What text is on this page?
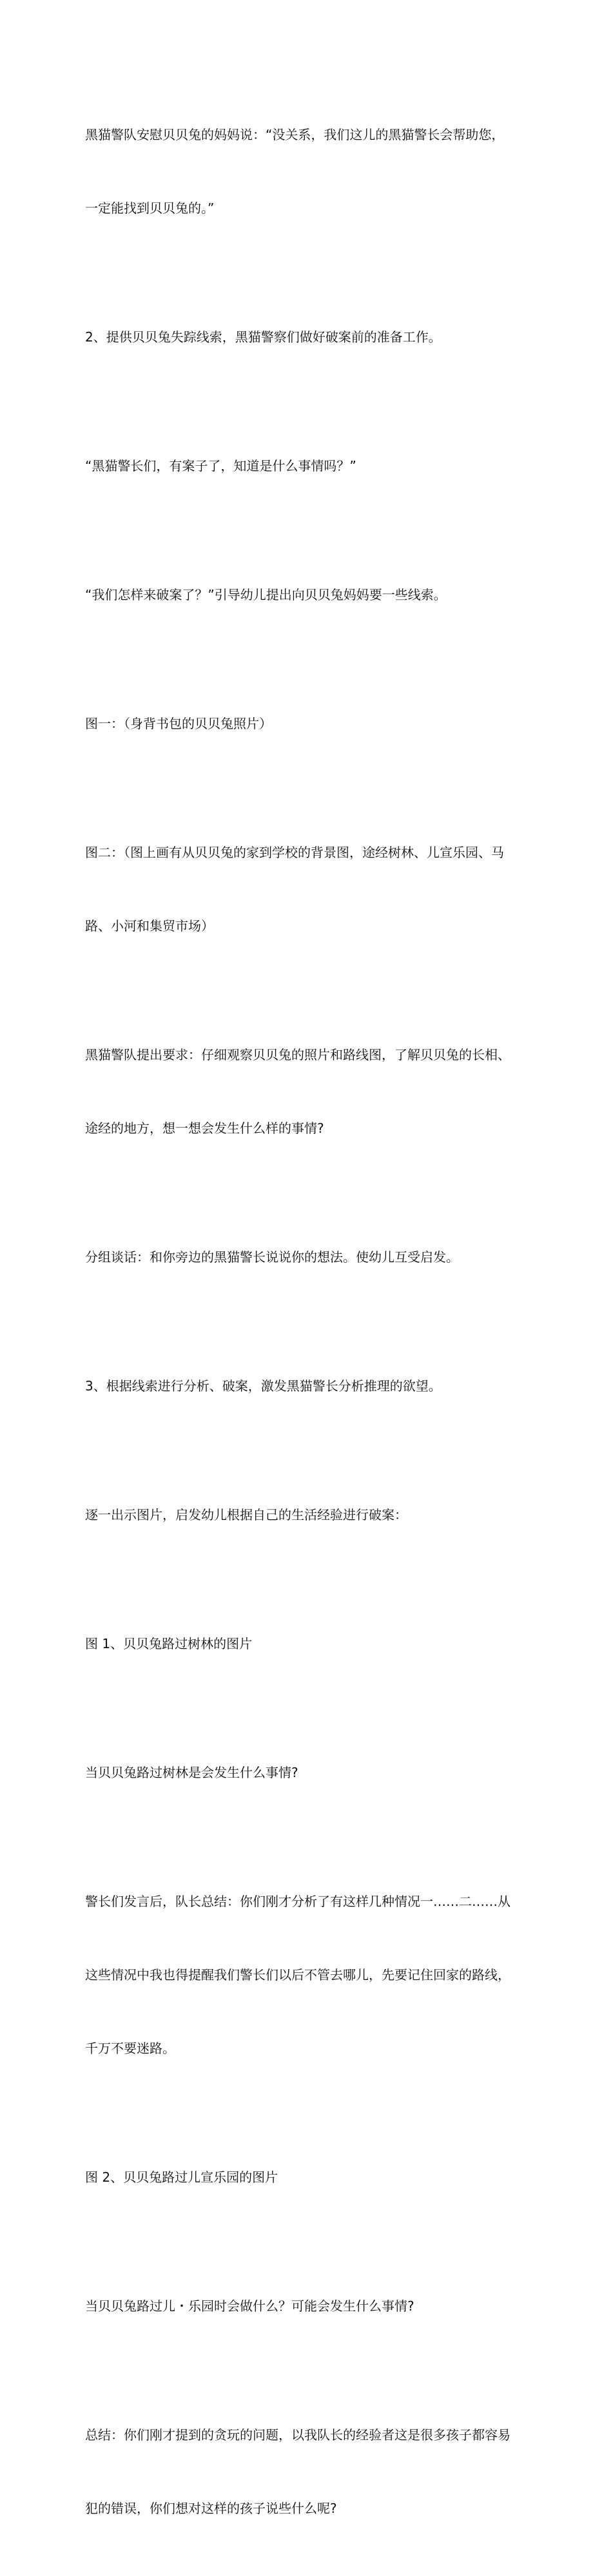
黑猫警队安慰贝贝兔的妈妈说：“没关系，我们这儿的黑猫警长会帮助您，

一定能找到贝贝兔的。”

2、提供贝贝兔失踪线索，黑猫警察们做好破案前的准备工作。

“黑猫警长们，有案子了，知道是什么事情吗？”

“我们怎样来破案了？”引导幼儿提出向贝贝兔妈妈要一些线索。

图一：（身背书包的贝贝兔照片）

图二：（图上画有从贝贝兔的家到学校的背景图，途经树林、儿宣乐园、马

路、小河和集贸市场）

黑猫警队提出要求：仔细观察贝贝兔的照片和路线图，了解贝贝兔的长相、

途经的地方，想一想会发生什么样的事情?

分组谈话：和你旁边的黑猫警长说说你的想法。使幼儿互受启发。

3、根据线索进行分析、破案，激发黑猫警长分析推理的欲望。

逐一出示图片，启发幼儿根据自己的生活经验进行破案：

图 1、贝贝兔路过树林的图片

当贝贝兔路过树林是会发生什么事情?

警长们发言后，队长总结：你们刚才分析了有这样几种情况一……二……从

这些情况中我也得提醒我们警长们以后不管去哪儿，先要记住回家的路线，

千万不要迷路。

图 2、贝贝兔路过儿宣乐园的图片

当贝贝兔路过儿・乐园时会做什么？可能会发生什么事情?

总结：你们刚才提到的贪玩的问题，以我队长的经验者这是很多孩子都容易

犯的错误，你们想对这样的孩子说些什么呢?
